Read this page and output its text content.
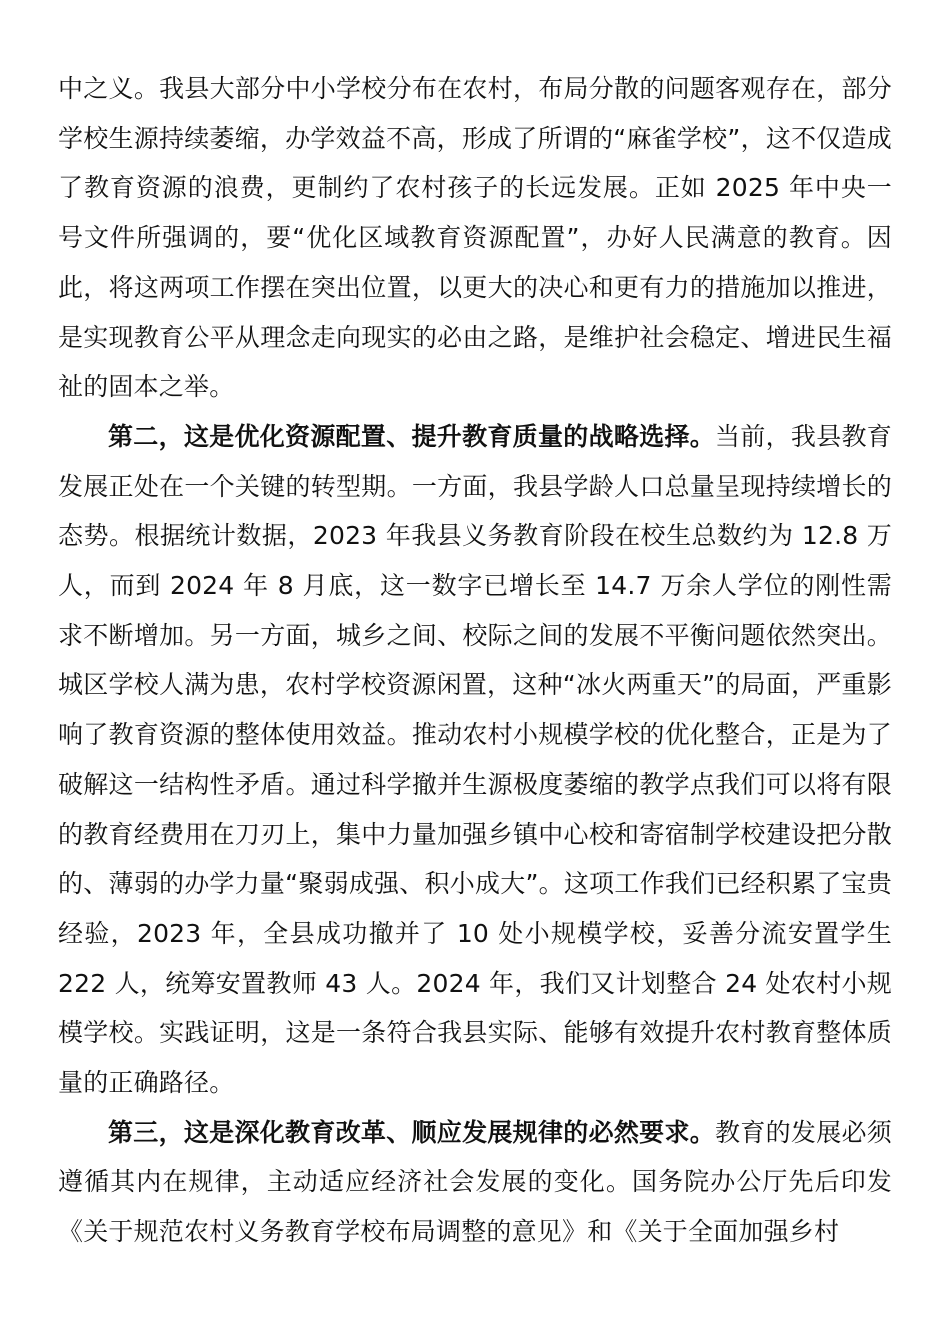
中之义。我县大部分中小学校分布在农村，布局分散的问题客观存在，部分学校生源持续萎缩，办学效益不高，形成了所谓的“麻雀学校”，这不仅造成了教育资源的浪费，更制约了农村孩子的长远发展。正如 2025 年中央一号文件所强调的，要“优化区域教育资源配置”，办好人民满意的教育。因此，将这两项工作摆在突出位置，以更大的决心和更有力的措施加以推进，是实现教育公平从理念走向现实的必由之路，是维护社会稳定、增进民生福祉的固本之举。

第二，这是优化资源配置、提升教育质量的战略选择。当前，我县教育发展正处在一个关键的转型期。一方面，我县学龄人口总量呈现持续增长的态势。根据统计数据，2023 年我县义务教育阶段在校生总数约为 12.8 万人，而到 2024 年 8 月底，这一数字已增长至 14.7 万余人学位的刚性需求不断增加。另一方面，城乡之间、校际之间的发展不平衡问题依然突出。城区学校人满为患，农村学校资源闲置，这种“冰火两重天”的局面，严重影响了教育资源的整体使用效益。推动农村小规模学校的优化整合，正是为了破解这一结构性矛盾。通过科学撤并生源极度萎缩的教学点我们可以将有限的教育经费用在刀刃上，集中力量加强乡镇中心校和寄宿制学校建设把分散的、薄弱的办学力量“聚弱成强、积小成大”。这项工作我们已经积累了宝贵经验，2023 年，全县成功撤并了 10 处小规模学校，妥善分流安置学生 222 人，统筹安置教师 43 人。2024 年，我们又计划整合 24 处农村小规模学校。实践证明，这是一条符合我县实际、能够有效提升农村教育整体质量的正确路径。

第三，这是深化教育改革、顺应发展规律的必然要求。教育的发展必须遵循其内在规律，主动适应经济社会发展的变化。国务院办公厅先后印发《关于规范农村义务教育学校布局调整的意见》和《关于全面加强乡村
